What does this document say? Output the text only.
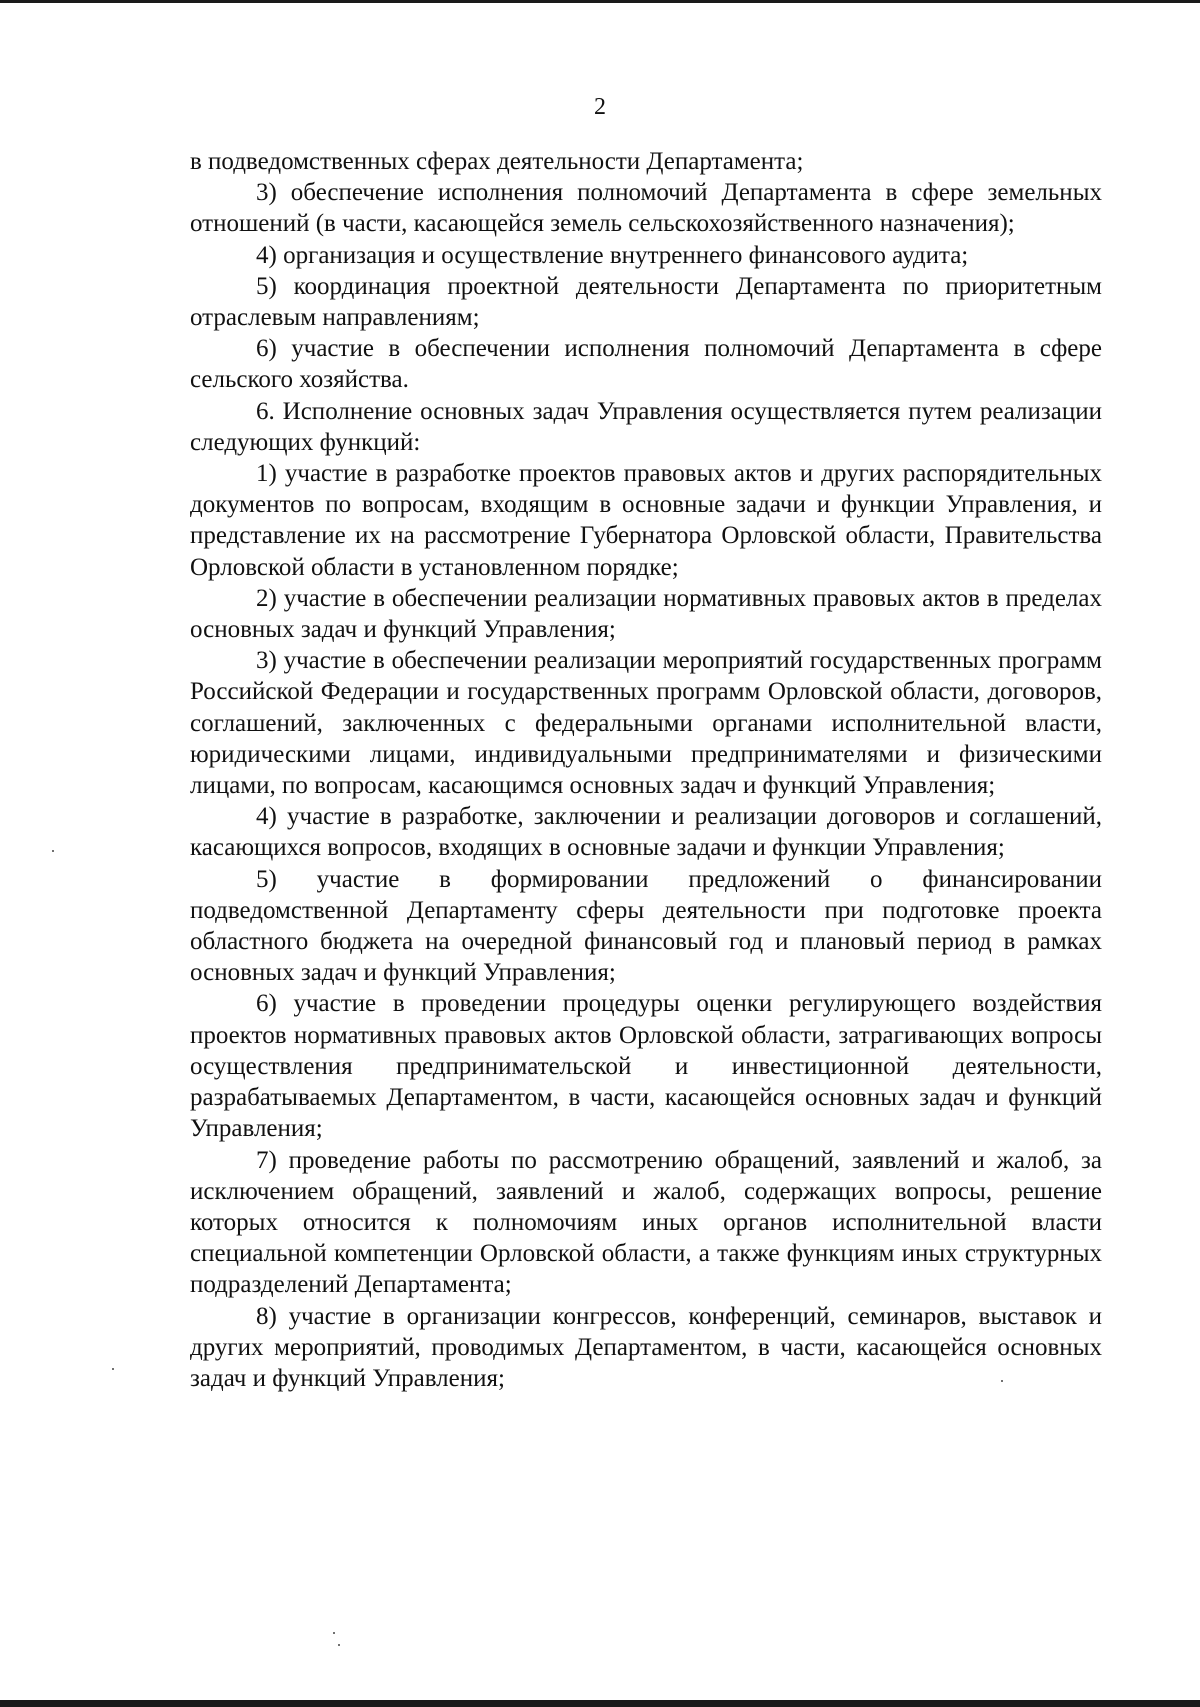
2

в подведомственных сферах деятельности Департамента;

3) обеспечение исполнения полномочий Департамента в сфере земельных отношений (в части, касающейся земель сельскохозяйственного назначения);

4) организация и осуществление внутреннего финансового аудита;

5) координация проектной деятельности Департамента по приоритетным отраслевым направлениям;

6) участие в обеспечении исполнения полномочий Департамента в сфере сельского хозяйства.

6. Исполнение основных задач Управления осуществляется путем реализации следующих функций:

1) участие в разработке проектов правовых актов и других распорядительных документов по вопросам, входящим в основные задачи и функции Управления, и представление их на рассмотрение Губернатора Орловской области, Правительства Орловской области в установленном порядке;

2) участие в обеспечении реализации нормативных правовых актов в пределах основных задач и функций Управления;

3) участие в обеспечении реализации мероприятий государственных программ Российской Федерации и государственных программ Орловской области, договоров, соглашений, заключенных с федеральными органами исполнительной власти, юридическими лицами, индивидуальными предпринимателями и физическими лицами, по вопросам, касающимся основных задач и функций Управления;

4) участие в разработке, заключении и реализации договоров и соглашений, касающихся вопросов, входящих в основные задачи и функции Управления;

5) участие в формировании предложений о финансировании подведомственной Департаменту сферы деятельности при подготовке проекта областного бюджета на очередной финансовый год и плановый период в рамках основных задач и функций Управления;

6) участие в проведении процедуры оценки регулирующего воздействия проектов нормативных правовых актов Орловской области, затрагивающих вопросы осуществления предпринимательской и инвестиционной деятельности, разрабатываемых Департаментом, в части, касающейся основных задач и функций Управления;

7) проведение работы по рассмотрению обращений, заявлений и жалоб, за исключением обращений, заявлений и жалоб, содержащих вопросы, решение которых относится к полномочиям иных органов исполнительной власти специальной компетенции Орловской области, а также функциям иных структурных подразделений Департамента;

8) участие в организации конгрессов, конференций, семинаров, выставок и других мероприятий, проводимых Департаментом, в части, касающейся основных задач и функций Управления;
